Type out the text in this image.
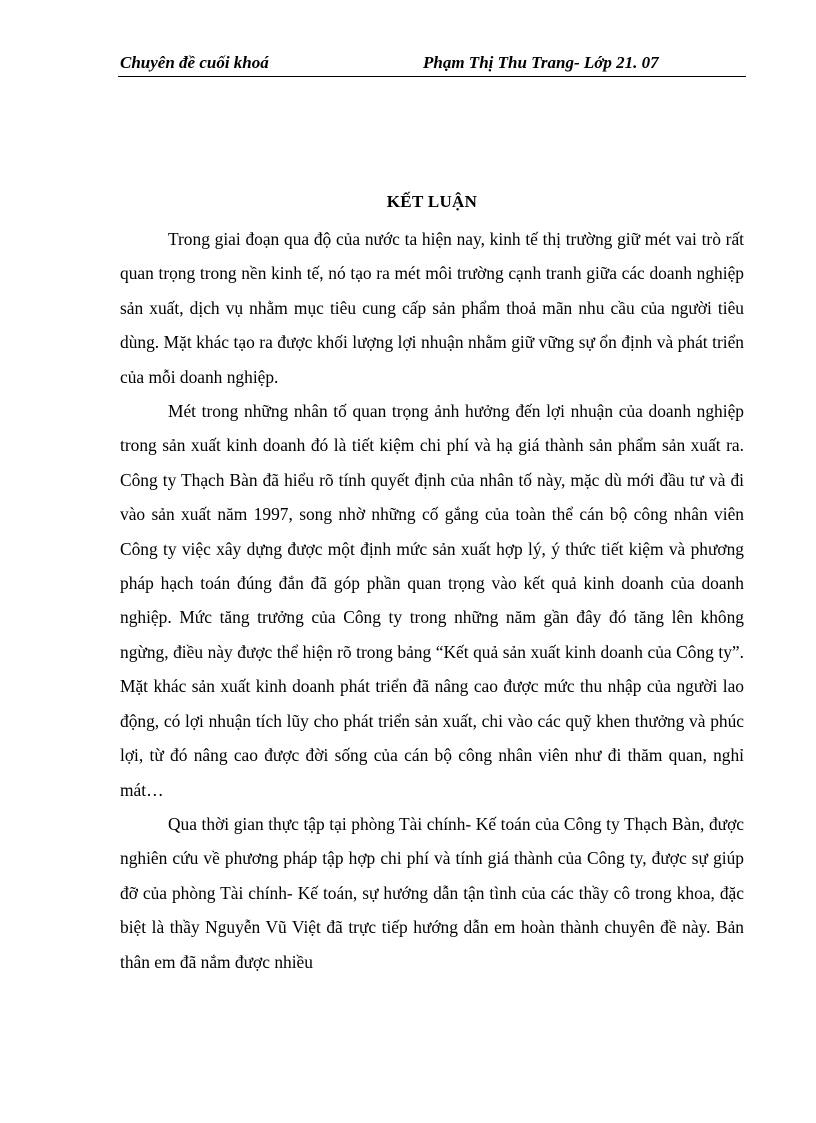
Chuyên đề cuối khoá	Phạm Thị Thu Trang- Lớp 21. 07
KẾT LUẬN

Trong giai đoạn qua độ của nước ta hiện nay, kinh tế thị trường giữ mét vai trò rất quan trọng trong nền kinh tế, nó tạo ra mét môi trường cạnh tranh giữa các doanh nghiệp sản xuất, dịch vụ nhằm mục tiêu cung cấp sản phẩm thoả mãn nhu cầu của người tiêu dùng. Mặt khác tạo ra được khối lượng lợi nhuận nhằm giữ vững sự ổn định và phát triển của mỗi doanh nghiệp.

Mét trong những nhân tố quan trọng ảnh hưởng đến lợi nhuận của doanh nghiệp trong sản xuất kinh doanh đó là tiết kiệm chi phí và hạ giá thành sản phẩm sản xuất ra. Công ty Thạch Bàn đã hiểu rõ tính quyết định của nhân tố này, mặc dù mới đầu tư và đi vào sản xuất năm 1997, song nhờ những cố gắng của toàn thể cán bộ công nhân viên Công ty việc xây dựng được một định mức sản xuất hợp lý, ý thức tiết kiệm và phương pháp hạch toán đúng đắn đã góp phần quan trọng vào kết quả kinh doanh của doanh nghiệp. Mức tăng trưởng của Công ty trong những năm gần đây đó tăng lên không ngừng, điều này được thể hiện rõ trong bảng “Kết quả sản xuất kinh doanh của Công ty”. Mặt khác sản xuất kinh doanh phát triển đã nâng cao được mức thu nhập của người lao động, có lợi nhuận tích lũy cho phát triển sản xuất, chi vào các quỹ khen thưởng và phúc lợi, từ đó nâng cao được đời sống của cán bộ công nhân viên như đi thăm quan, nghỉ mát…

Qua thời gian thực tập tại phòng Tài chính- Kế toán của Công ty Thạch Bàn, được nghiên cứu về phương pháp tập hợp chi phí và tính giá thành của Công ty, được sự giúp đỡ của phòng Tài chính- Kế toán, sự hướng dẫn tận tình của các thầy cô trong khoa, đặc biệt là thầy Nguyễn Vũ Việt đã trực tiếp hướng dẫn em hoàn thành chuyên đề này. Bản thân em đã nắm được nhiều
